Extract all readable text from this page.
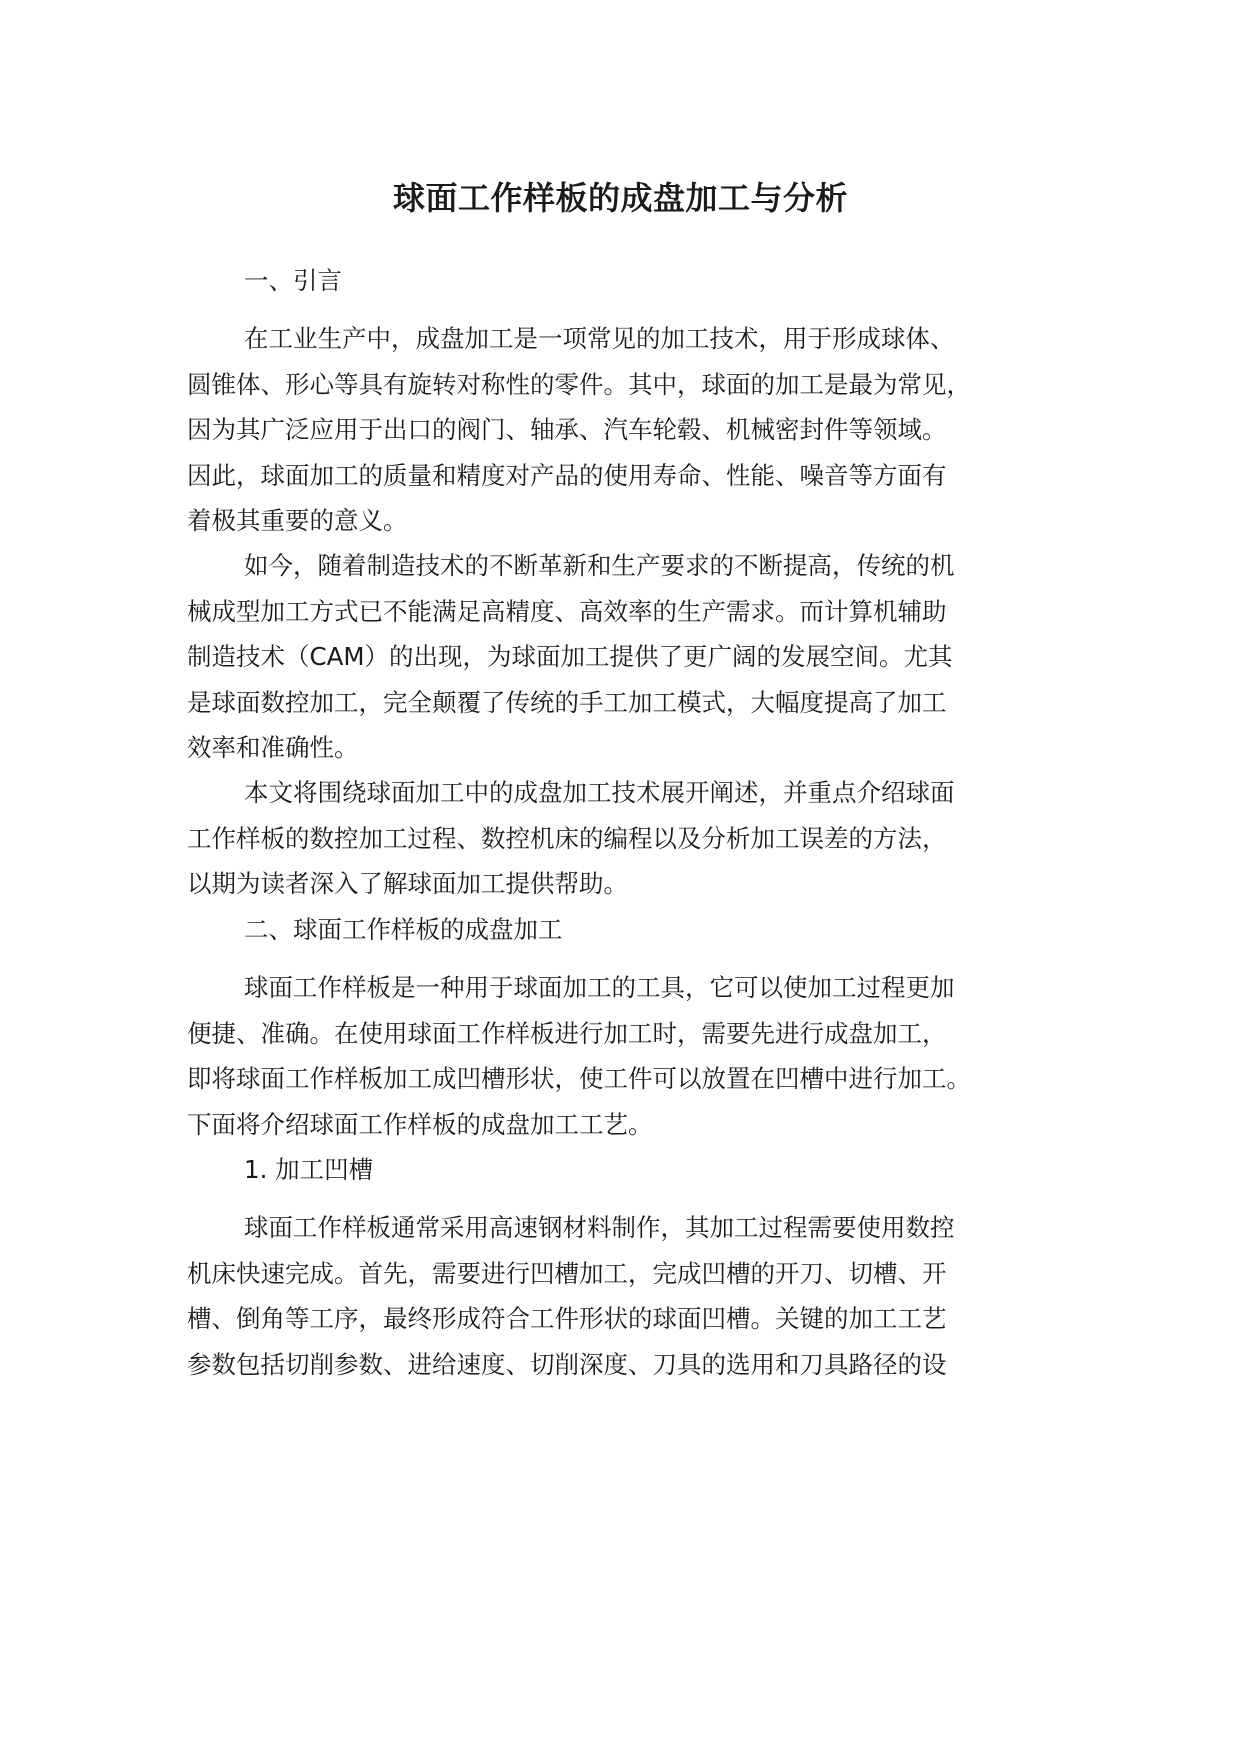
球面工作样板的成盘加工与分析
一、引言
在工业生产中，成盘加工是一项常见的加工技术，用于形成球体、
圆锥体、形心等具有旋转对称性的零件。其中，球面的加工是最为常见，
因为其广泛应用于出口的阀门、轴承、汽车轮毂、机械密封件等领域。
因此，球面加工的质量和精度对产品的使用寿命、性能、噪音等方面有
着极其重要的意义。
如今，随着制造技术的不断革新和生产要求的不断提高，传统的机
械成型加工方式已不能满足高精度、高效率的生产需求。而计算机辅助
制造技术（CAM）的出现，为球面加工提供了更广阔的发展空间。尤其
是球面数控加工，完全颠覆了传统的手工加工模式，大幅度提高了加工
效率和准确性。
本文将围绕球面加工中的成盘加工技术展开阐述，并重点介绍球面
工作样板的数控加工过程、数控机床的编程以及分析加工误差的方法，
以期为读者深入了解球面加工提供帮助。
二、球面工作样板的成盘加工
球面工作样板是一种用于球面加工的工具，它可以使加工过程更加
便捷、准确。在使用球面工作样板进行加工时，需要先进行成盘加工，
即将球面工作样板加工成凹槽形状，使工件可以放置在凹槽中进行加工。
下面将介绍球面工作样板的成盘加工工艺。
1. 加工凹槽
球面工作样板通常采用高速钢材料制作，其加工过程需要使用数控
机床快速完成。首先，需要进行凹槽加工，完成凹槽的开刀、切槽、开
槽、倒角等工序，最终形成符合工件形状的球面凹槽。关键的加工工艺
参数包括切削参数、进给速度、切削深度、刀具的选用和刀具路径的设
